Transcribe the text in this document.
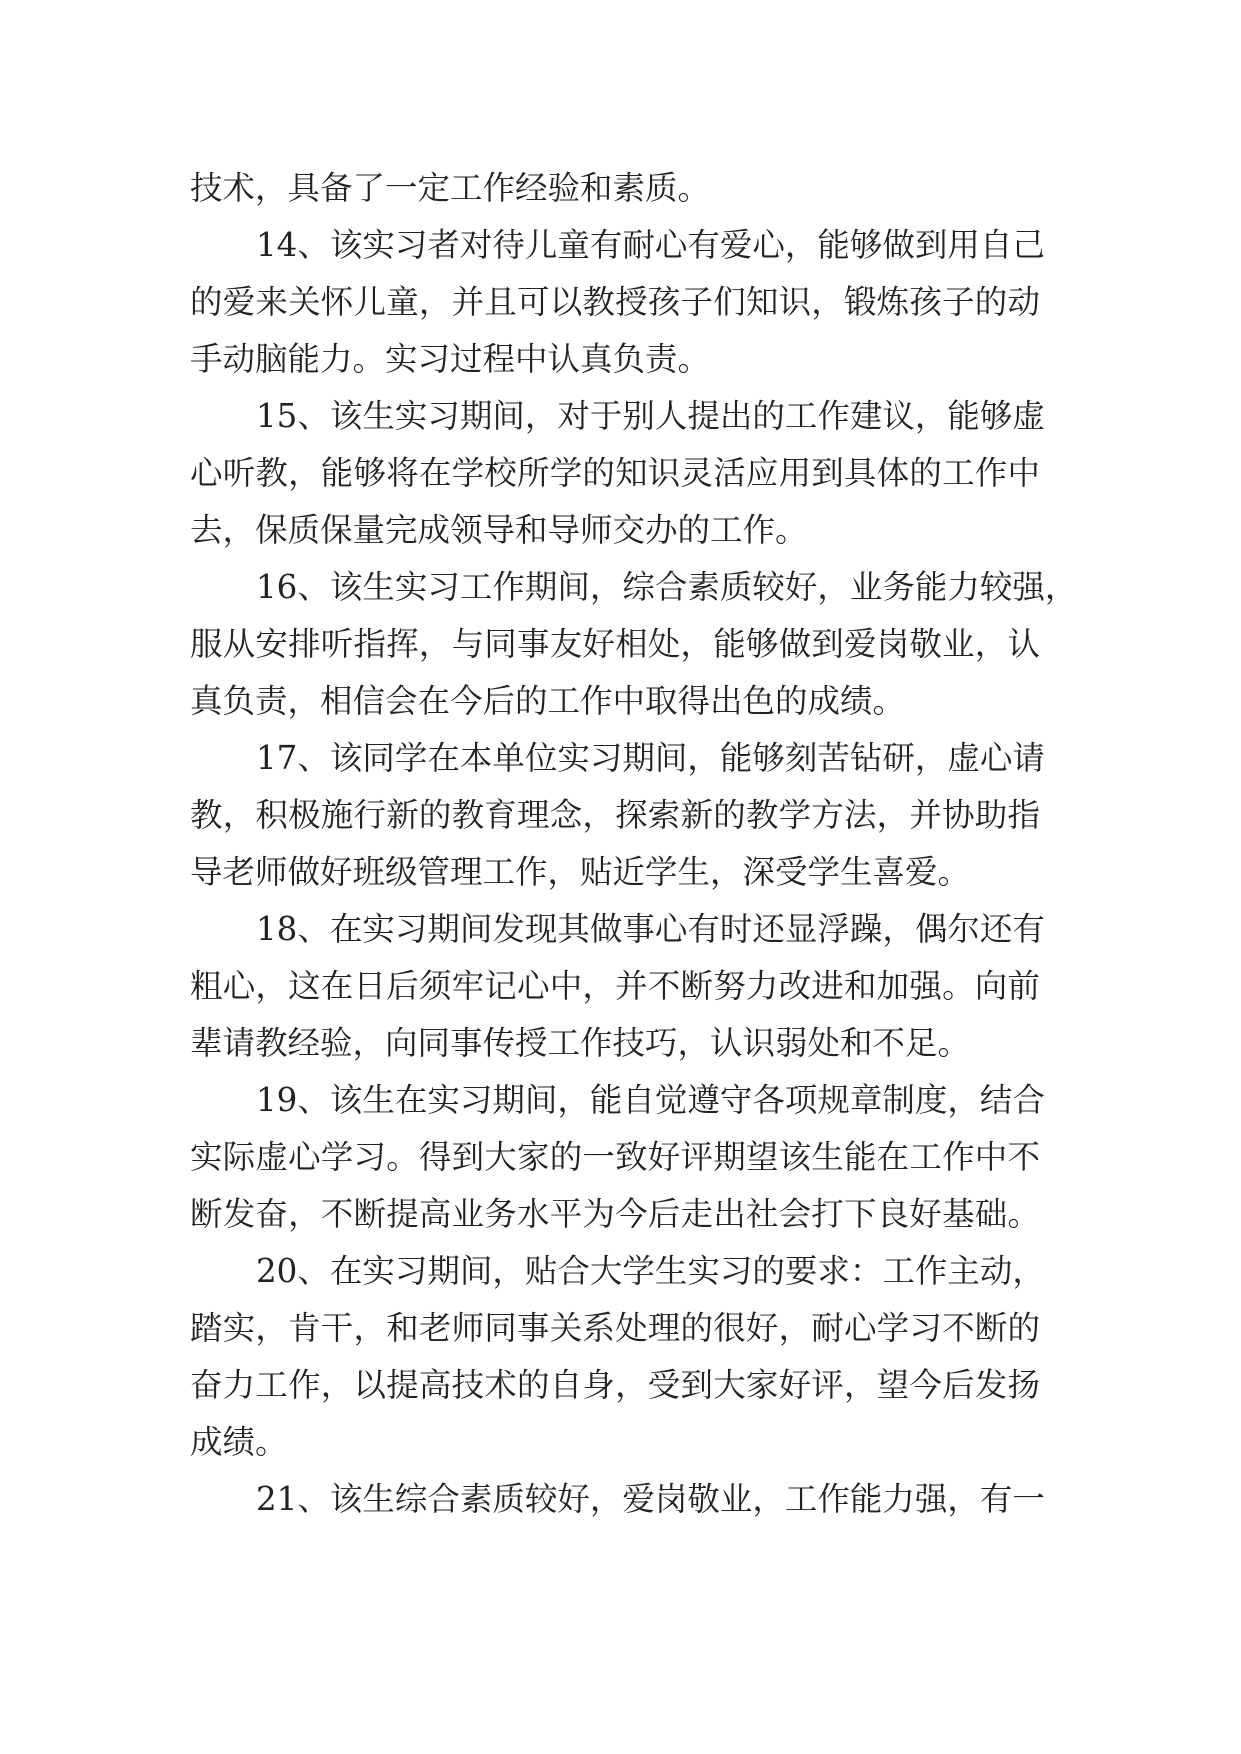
技术，具备了一定工作经验和素质。
14、该实习者对待儿童有耐心有爱心，能够做到用自己
的爱来关怀儿童，并且可以教授孩子们知识，锻炼孩子的动
手动脑能力。实习过程中认真负责。
15、该生实习期间，对于别人提出的工作建议，能够虚
心听教，能够将在学校所学的知识灵活应用到具体的工作中
去，保质保量完成领导和导师交办的工作。
16、该生实习工作期间，综合素质较好，业务能力较强，
服从安排听指挥，与同事友好相处，能够做到爱岗敬业，认
真负责，相信会在今后的工作中取得出色的成绩。
17、该同学在本单位实习期间，能够刻苦钻研，虚心请
教，积极施行新的教育理念，探索新的教学方法，并协助指
导老师做好班级管理工作，贴近学生，深受学生喜爱。
18、在实习期间发现其做事心有时还显浮躁，偶尔还有
粗心，这在日后须牢记心中，并不断努力改进和加强。向前
辈请教经验，向同事传授工作技巧，认识弱处和不足。
19、该生在实习期间，能自觉遵守各项规章制度，结合
实际虚心学习。得到大家的一致好评期望该生能在工作中不
断发奋，不断提高业务水平为今后走出社会打下良好基础。
20、在实习期间，贴合大学生实习的要求：工作主动，
踏实，肯干，和老师同事关系处理的很好，耐心学习不断的
奋力工作，以提高技术的自身，受到大家好评，望今后发扬
成绩。
21、该生综合素质较好，爱岗敬业，工作能力强，有一
